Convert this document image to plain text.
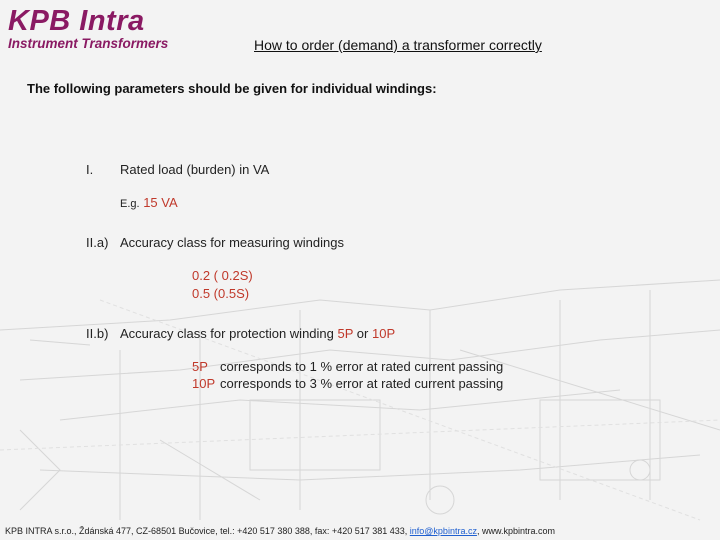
KPB Intra
Instrument Transformers	How to order (demand) a transformer correctly
The following parameters should be given for individual windings:
I. Rated load (burden) in VA
E.g. 15 VA
II.a) Accuracy class for measuring windings
0.2 ( 0.2S)
0.5 (0.5S)
II.b) Accuracy class for protection winding 5P or 10P
5P corresponds to 1 % error at rated current passing
10P corresponds to 3 % error at rated current passing
KPB INTRA s.r.o., Ždánská 477, CZ-68501 Bučovice, tel.: +420 517 380 388, fax: +420 517 381 433, info@kpbintra.cz, www.kpbintra.com
